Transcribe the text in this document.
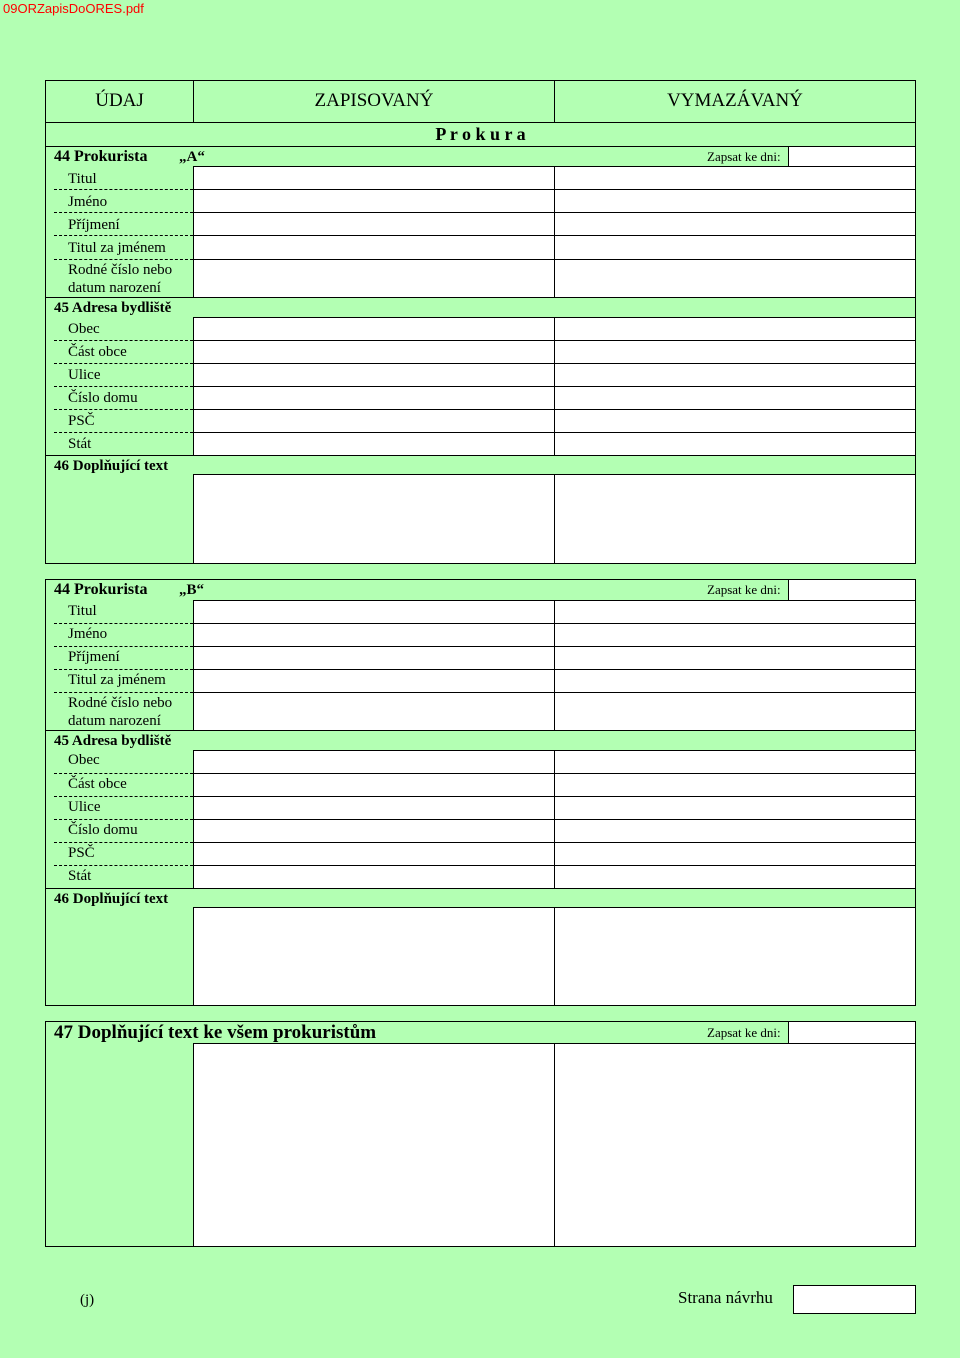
09ORZapisDoORES.pdf
ÚDAJ	ZAPISOVANÝ	VYMAZÁVANÝ
P r o k u r a
44 Prokurista „A“	Zapsat ke dni:
Titul
Jméno
Příjmení
Titul za jménem
Rodné číslo nebo
datum narození
45 Adresa bydliště
Obec
Část obce
Ulice
Číslo domu
PSČ
Stát
46 Doplňující text
44 Prokurista „B“	Zapsat ke dni:
Titul
Jméno
Příjmení
Titul za jménem
Rodné číslo nebo
datum narození
45 Adresa bydliště
Obec
Část obce
Ulice
Číslo domu
PSČ
Stát
46 Doplňující text
47 Doplňující text ke všem prokuristům	Zapsat ke dni:
(j)	Strana návrhu
